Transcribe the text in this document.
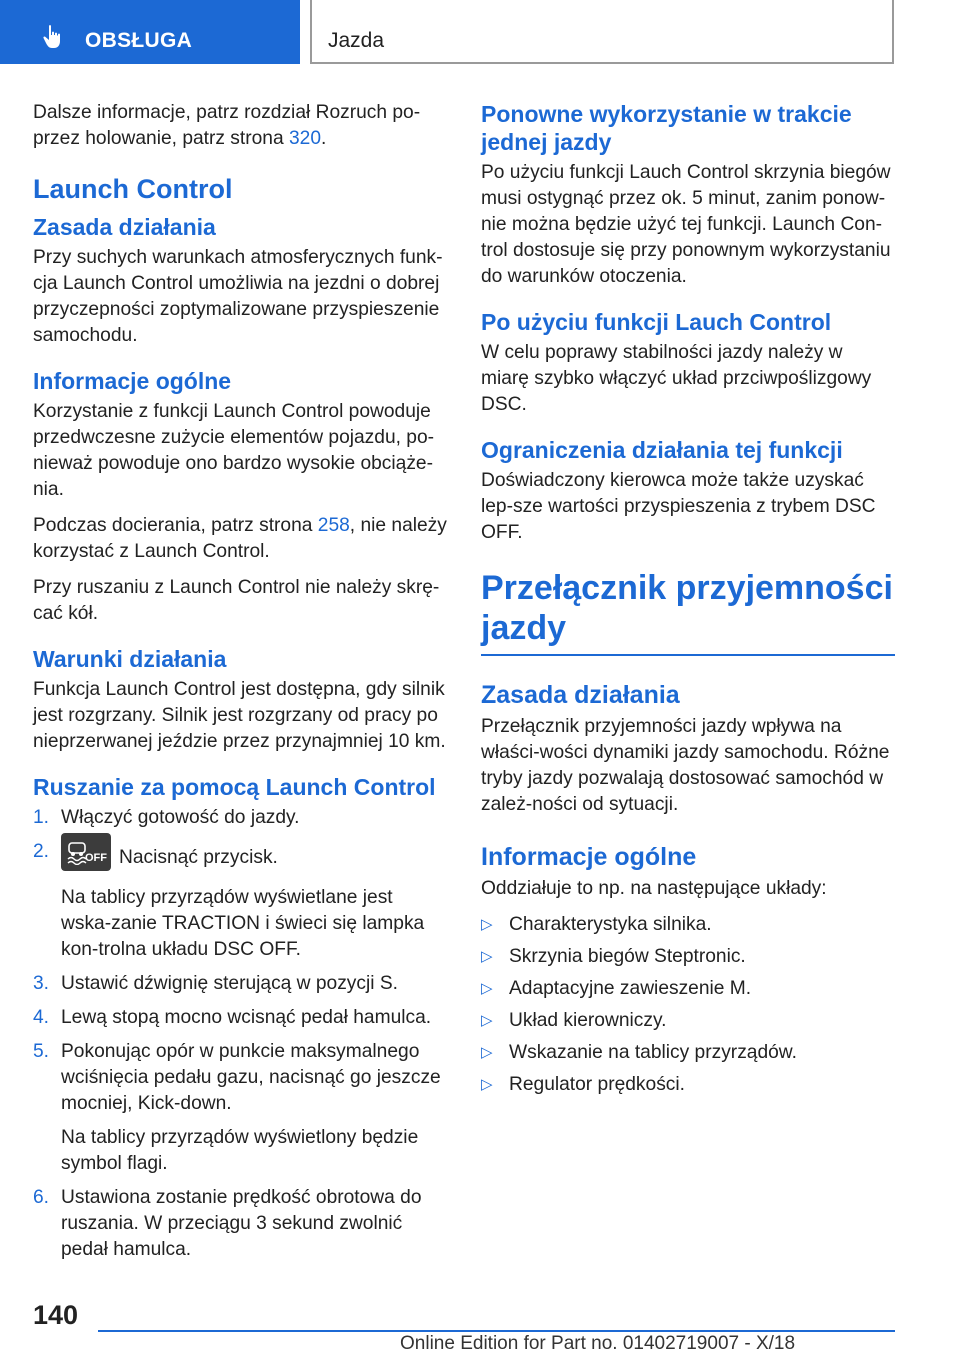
OBSŁUGA	Jazda

Dalsze informacje, patrz rozdział Rozruch po‐przez holowanie, patrz strona 320.

Launch Control
Zasada działania

Przy suchych warunkach atmosferycznych funk‐cja Launch Control umożliwia na jezdni o dobrej przyczepności zoptymalizowane przyspieszenie samochodu.

Informacje ogólne

Korzystanie z funkcji Launch Control powoduje przedwczesne zużycie elementów pojazdu, po‐nieważ powoduje ono bardzo wysokie obciąże‐nia.

Podczas docierania, patrz strona 258, nie należy korzystać z Launch Control.

Przy ruszaniu z Launch Control nie należy skrę‐cać kół.

Warunki działania

Funkcja Launch Control jest dostępna, gdy silnik jest rozgrzany. Silnik jest rozgrzany od pracy po nieprzerwanej jeździe przez przynajmniej 10 km.

Ruszanie za pomocą Launch Control
1. Włączyć gotowość do jazdy.
2.	OFF Nacisnąć przycisk.
Na tablicy przyrządów wyświetlane jest wska‐zanie TRACTION i świeci się lampka kon‐trolna układu DSC OFF.
3. Ustawić dźwignię sterującą w pozycji S.
4. Lewą stopą mocno wcisnąć pedał hamulca.
5. Pokonując opór w punkcie maksymalnego wciśnięcia pedału gazu, nacisnąć go jeszcze mocniej, Kick-down.
Na tablicy przyrządów wyświetlony będzie symbol flagi.
6. Ustawiona zostanie prędkość obrotowa do ruszania. W przeciągu 3 sekund zwolnić pedał hamulca.
Ponowne wykorzystanie w trakcie jednej jazdy

Po użyciu funkcji Lauch Control skrzynia biegów musi ostygnąć przez ok. 5 minut, zanim ponow‐nie można będzie użyć tej funkcji. Launch Con‐trol dostosuje się przy ponownym wykorzystaniu do warunków otoczenia.

Po użyciu funkcji Lauch Control

W celu poprawy stabilności jazdy należy w miarę szybko włączyć układ przciwpoślizgowy DSC.

Ograniczenia działania tej funkcji

Doświadczony kierowca może także uzyskać lep‐sze wartości przyspieszenia z trybem DSC OFF.

Przełącznik przyjemności jazdy
Zasada działania

Przełącznik przyjemności jazdy wpływa na właści‐wości dynamiki jazdy samochodu. Różne tryby jazdy pozwalają dostosować samochód w zależ‐ności od sytuacji.

Informacje ogólne

Oddziałuje to np. na następujące układy:

▷ Charakterystyka silnika.
▷ Skrzynia biegów Steptronic.
▷ Adaptacyjne zawieszenie M.
▷ Układ kierowniczy.
▷ Wskazanie na tablicy przyrządów.
▷ Regulator prędkości.
140
Online Edition for Part no. 01402719007 - X/18
